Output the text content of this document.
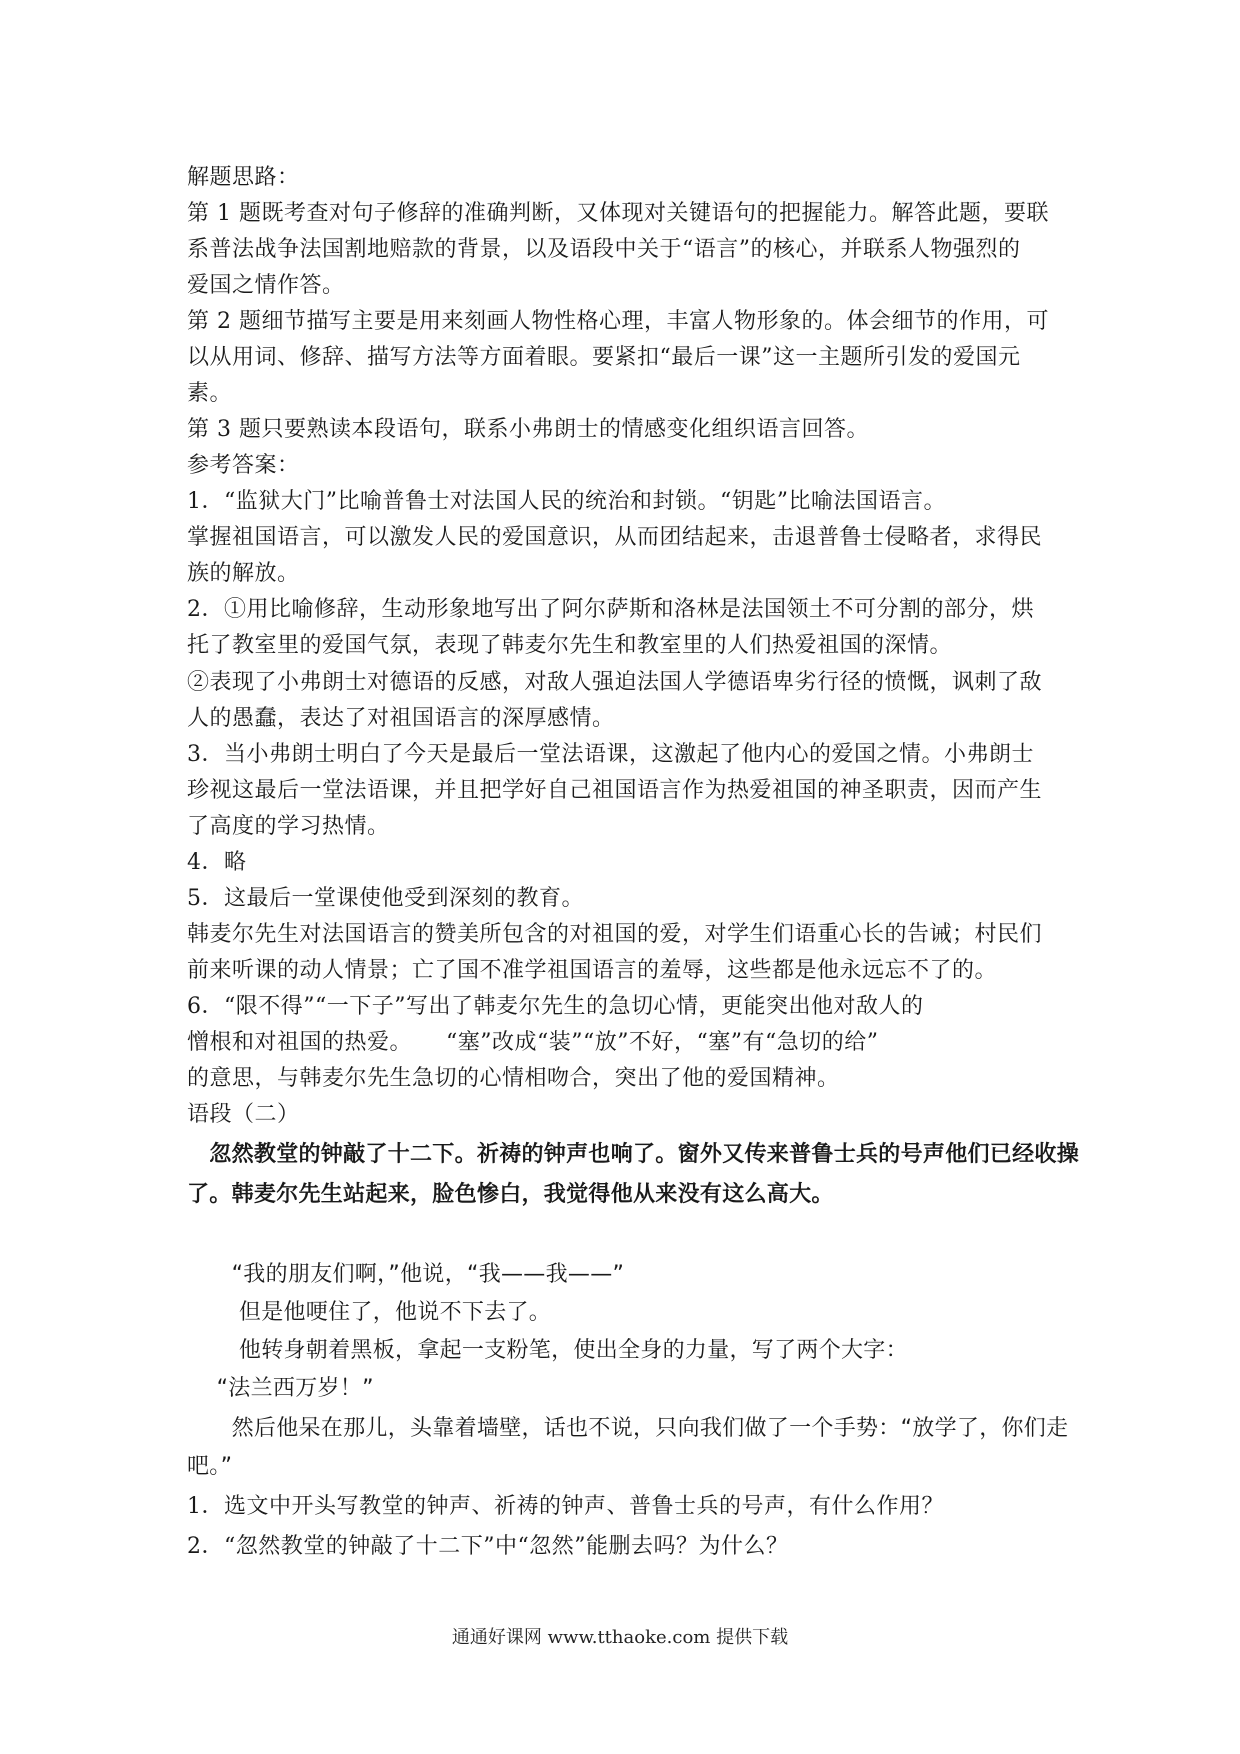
解题思路：
第 1 题既考查对句子修辞的准确判断，又体现对关键语句的把握能力。解答此题，要联
系普法战争法国割地赔款的背景，以及语段中关于“语言”的核心，并联系人物强烈的
爱国之情作答。
第 2 题细节描写主要是用来刻画人物性格心理，丰富人物形象的。体会细节的作用，可
以从用词、修辞、描写方法等方面着眼。要紧扣“最后一课”这一主题所引发的爱国元
素。
第 3 题只要熟读本段语句，联系小弗朗士的情感变化组织语言回答。
参考答案：
1．“监狱大门”比喻普鲁士对法国人民的统治和封锁。“钥匙”比喻法国语言。
掌握祖国语言，可以激发人民的爱国意识，从而团结起来，击退普鲁士侵略者，求得民
族的解放。
2．①用比喻修辞，生动形象地写出了阿尔萨斯和洛林是法国领土不可分割的部分，烘
托了教室里的爱国气氛，表现了韩麦尔先生和教室里的人们热爱祖国的深情。
②表现了小弗朗士对德语的反感，对敌人强迫法国人学德语卑劣行径的愤慨，讽刺了敌
人的愚蠢，表达了对祖国语言的深厚感情。
3．当小弗朗士明白了今天是最后一堂法语课，这激起了他内心的爱国之情。小弗朗士
珍视这最后一堂法语课，并且把学好自己祖国语言作为热爱祖国的神圣职责，因而产生
了高度的学习热情。
4．略
5．这最后一堂课使他受到深刻的教育。
韩麦尔先生对法国语言的赞美所包含的对祖国的爱，对学生们语重心长的告诫；村民们
前来听课的动人情景；亡了国不准学祖国语言的羞辱，这些都是他永远忘不了的。
6．“限不得”“一下子”写出了韩麦尔先生的急切心情，更能突出他对敌人的
憎根和对祖国的热爱。　　“塞”改成“装”“放”不好，“塞”有“急切的给”
的意思，与韩麦尔先生急切的心情相吻合，突出了他的爱国精神。
语段（二）
　忽然教堂的钟敲了十二下。祈祷的钟声也响了。窗外又传来普鲁士兵的号声他们已经收操
了。韩麦尔先生站起来，脸色惨白，我觉得他从来没有这么高大。
　　“我的朋友们啊，”他说，“我——我——”
　　 但是他哽住了，他说不下去了。
　　 他转身朝着黑板，拿起一支粉笔，使出全身的力量，写了两个大字：
　 “法兰西万岁！”
　　然后他呆在那儿，头靠着墙壁，话也不说，只向我们做了一个手势：“放学了，你们走
吧。”
1．选文中开头写教堂的钟声、祈祷的钟声、普鲁士兵的号声，有什么作用？
2．“忽然教堂的钟敲了十二下”中“忽然”能删去吗？为什么？
通通好课网 www.tthaoke.com 提供下载
